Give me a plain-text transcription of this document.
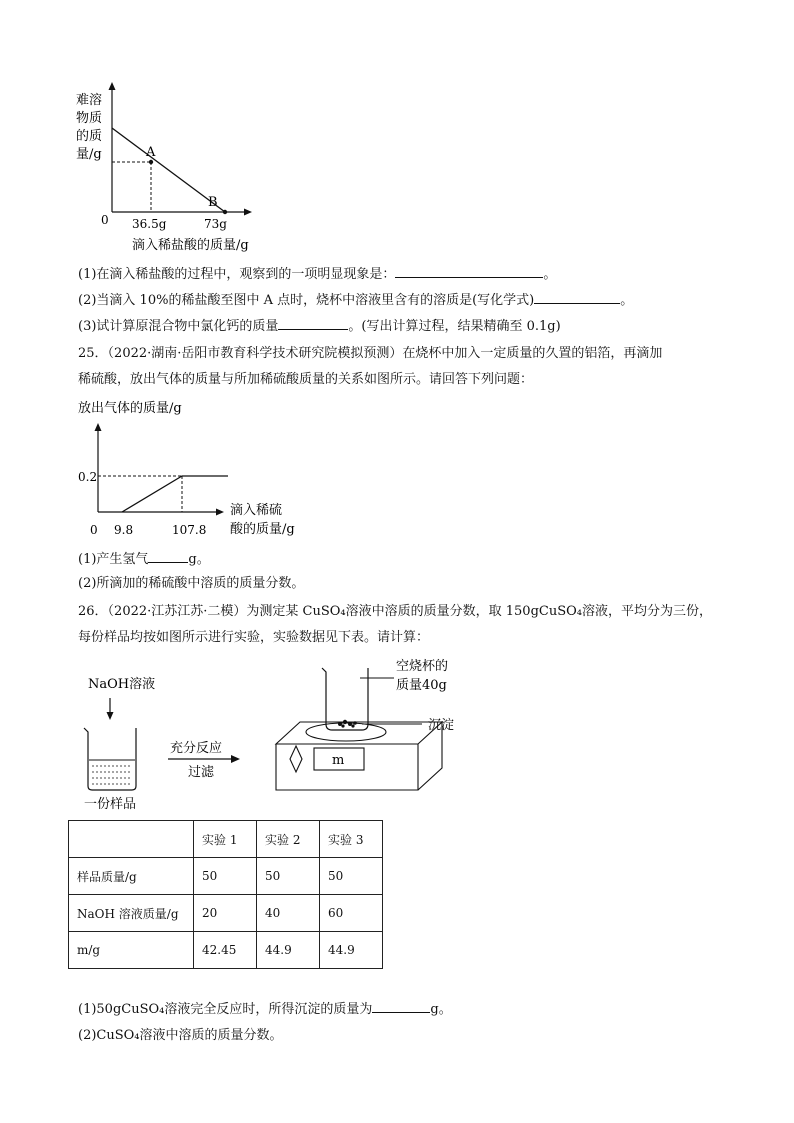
难溶
物质
的质
量/g	A
B
0 36.5g	73g
滴入稀盐酸的质量/g
(1)在滴入稀盐酸的过程中，观察到的一项明显现象是：	。
(2)当滴入 10%的稀盐酸至图中 A 点时，烧杯中溶液里含有的溶质是(写化学式)	。
(3)试计算原混合物中氯化钙的质量	。(写出计算过程，结果精确至 0.1g)
25．（2022·湖南·岳阳市教育科学技术研究院模拟预测）在烧杯中加入一定质量的久置的铝箔，再滴加
稀硫酸，放出气体的质量与所加稀硫酸质量的关系如图所示。请回答下列问题：
放出气体的质量/g
0.2
0 9.8	107.8
滴入稀硫
酸的质量/g
(1)产生氢气	g。
(2)所滴加的稀硫酸中溶质的质量分数。
26．（2022·江苏江苏·二模）为测定某 CuSO₄溶液中溶质的质量分数，取 150gCuSO₄溶液，平均分为三份，
每份样品均按如图所示进行实验，实验数据见下表。请计算：
NaOH溶液
一份样品
充分反应
过滤
m
空烧杯的
质量40g
沉淀
	实验 1	实验 2	实验 3
样品质量/g	50	50	50
NaOH 溶液质量/g	20	40	60
m/g	42.45	44.9	44.9
(1)50gCuSO₄溶液完全反应时，所得沉淀的质量为	g。
(2)CuSO₄溶液中溶质的质量分数。
